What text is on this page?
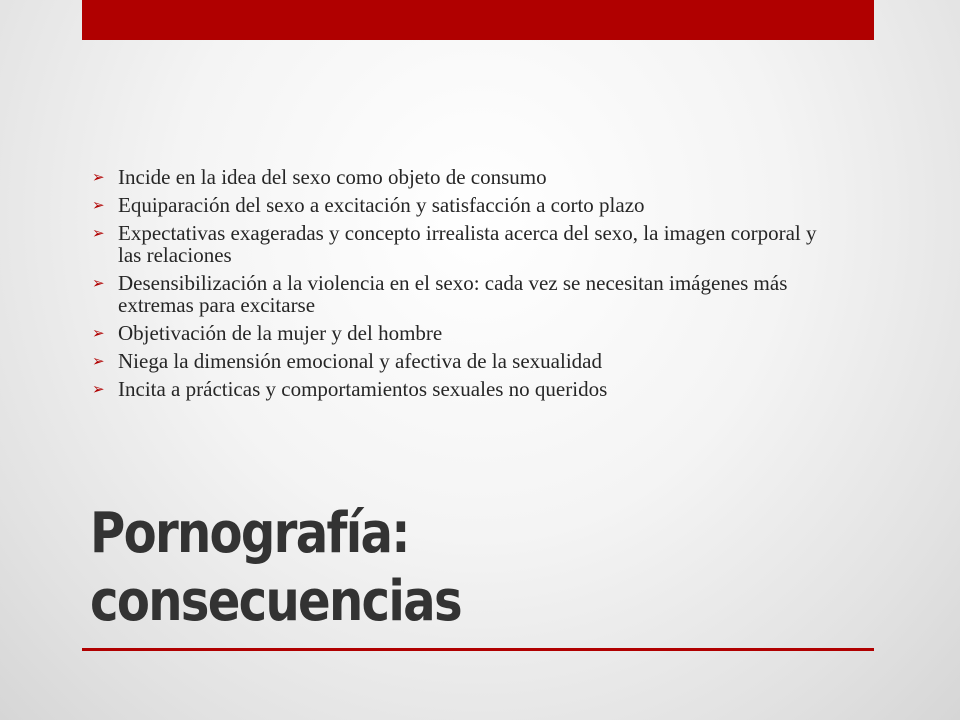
➢ Incide en la idea del sexo como objeto de consumo
➢ Equiparación del sexo a excitación y satisfacción a corto plazo
➢ Expectativas exageradas y concepto irrealista acerca del sexo, la imagen corporal y las relaciones
➢ Desensibilización a la violencia en el sexo: cada vez se necesitan imágenes más extremas para excitarse
➢ Objetivación de la mujer y del hombre
➢ Niega la dimensión emocional y afectiva de la sexualidad
➢ Incita a prácticas y comportamientos sexuales no queridos
Pornografía:
consecuencias
